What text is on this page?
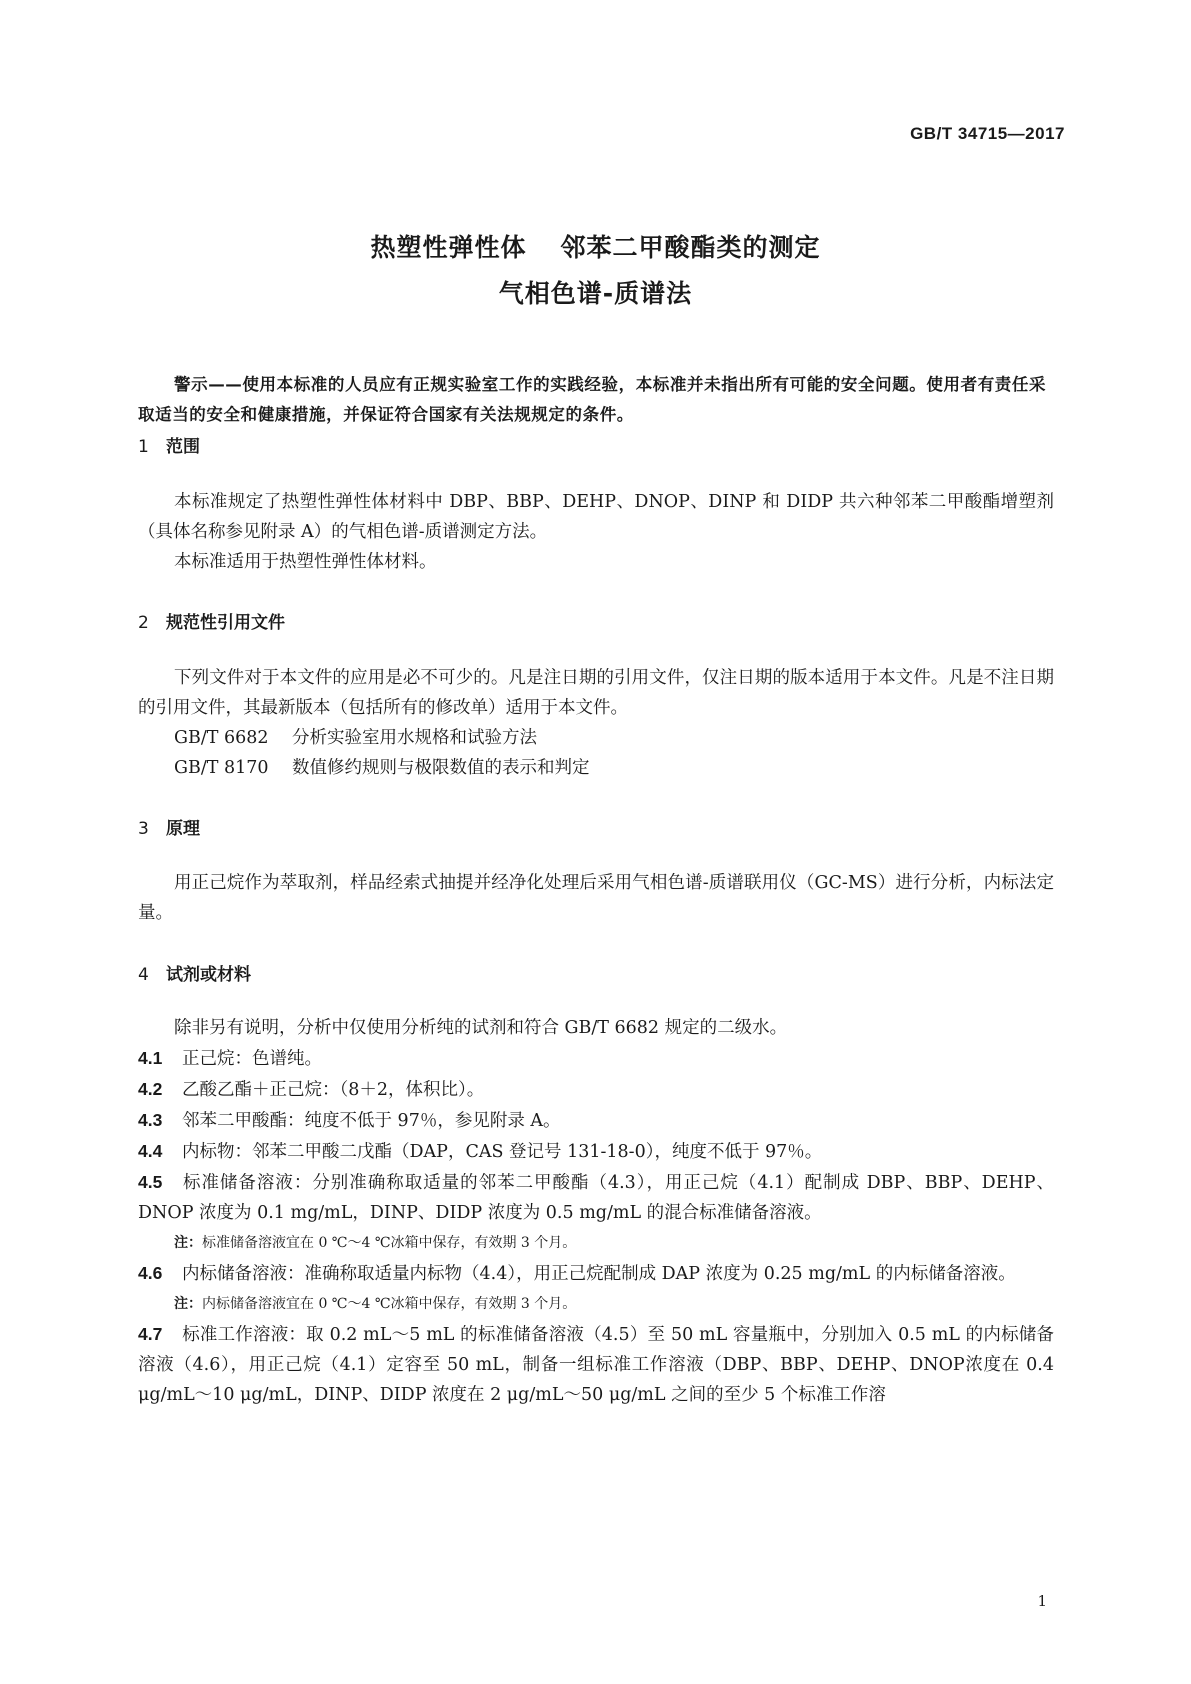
GB/T 34715—2017
热塑性弹性体 邻苯二甲酸酯类的测定
气相色谱-质谱法
警示——使用本标准的人员应有正规实验室工作的实践经验，本标准并未指出所有可能的安全问题。使用者有责任采取适当的安全和健康措施，并保证符合国家有关法规规定的条件。
1 范围

本标准规定了热塑性弹性体材料中 DBP、BBP、DEHP、DNOP、DINP 和 DIDP 共六种邻苯二甲酸酯增塑剂（具体名称参见附录 A）的气相色谱-质谱测定方法。

本标准适用于热塑性弹性体材料。

2 规范性引用文件

下列文件对于本文件的应用是必不可少的。凡是注日期的引用文件，仅注日期的版本适用于本文件。凡是不注日期的引用文件，其最新版本（包括所有的修改单）适用于本文件。

GB/T 6682 分析实验室用水规格和试验方法

GB/T 8170 数值修约规则与极限数值的表示和判定

3 原理

用正己烷作为萃取剂，样品经索式抽提并经净化处理后采用气相色谱-质谱联用仪（GC-MS）进行分析，内标法定量。

4 试剂或材料

除非另有说明，分析中仅使用分析纯的试剂和符合 GB/T 6682 规定的二级水。

4.1 正己烷：色谱纯。

4.2 乙酸乙酯＋正己烷：（8＋2，体积比）。

4.3 邻苯二甲酸酯：纯度不低于 97％，参见附录 A。

4.4 内标物：邻苯二甲酸二戊酯（DAP，CAS 登记号 131-18-0），纯度不低于 97％。

4.5 标准储备溶液：分别准确称取适量的邻苯二甲酸酯（4.3），用正己烷（4.1）配制成 DBP、BBP、DEHP、DNOP 浓度为 0.1 mg/mL，DINP、DIDP 浓度为 0.5 mg/mL 的混合标准储备溶液。

注：标准储备溶液宜在 0 ℃～4 ℃冰箱中保存，有效期 3 个月。

4.6 内标储备溶液：准确称取适量内标物（4.4），用正己烷配制成 DAP 浓度为 0.25 mg/mL 的内标储备溶液。

注：内标储备溶液宜在 0 ℃～4 ℃冰箱中保存，有效期 3 个月。

4.7 标准工作溶液：取 0.2 mL～5 mL 的标准储备溶液（4.5）至 50 mL 容量瓶中，分别加入 0.5 mL 的内标储备溶液（4.6），用正己烷（4.1）定容至 50 mL，制备一组标准工作溶液（DBP、BBP、DEHP、DNOP浓度在 0.4 μg/mL～10 μg/mL，DINP、DIDP 浓度在 2 μg/mL～50 μg/mL 之间的至少 5 个标准工作溶

1
